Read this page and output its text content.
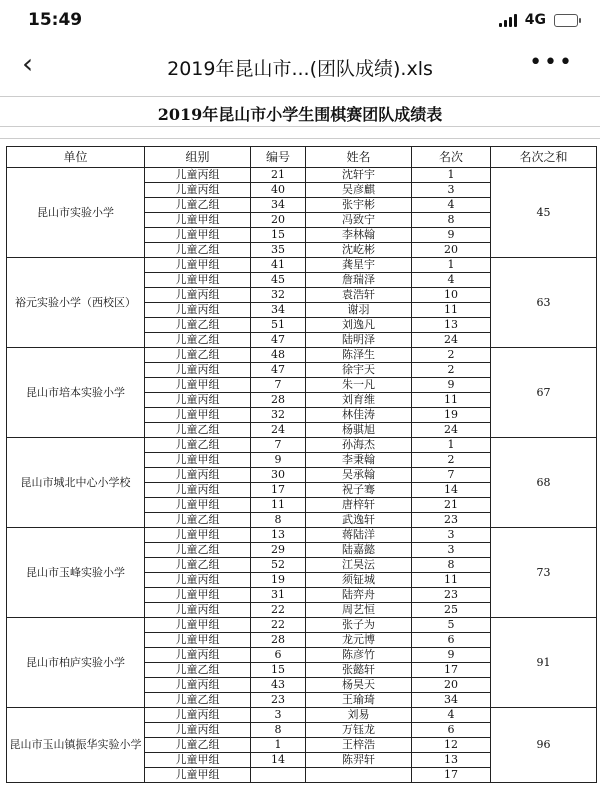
15:49	4G
‹	2019年昆山市...(团队成绩).xls	•••
2019年昆山市小学生围棋赛团队成绩表
单位	组别	编号	姓名	名次	名次之和
昆山市实验小学	儿童丙组	21	沈轩宇	1	45
	儿童丙组	40	吴彦麒	3	
	儿童乙组	34	张宇彬	4	
	儿童甲组	20	冯致宁	8	
	儿童甲组	15	李林翰	9	
	儿童乙组	35	沈屹彬	20	
裕元实验小学（西校区）	儿童甲组	41	龚星宇	1	63
	儿童甲组	45	詹瑞泽	4	
	儿童丙组	32	袁浩轩	10	
	儿童丙组	34	谢羽	11	
	儿童乙组	51	刘逸凡	13	
	儿童乙组	47	陆明泽	24	
昆山市培本实验小学	儿童乙组	48	陈泽生	2	67
	儿童丙组	47	徐宇天	2	
	儿童甲组	7	朱一凡	9	
	儿童丙组	28	刘育维	11	
	儿童甲组	32	林佳涛	19	
	儿童乙组	24	杨骐旭	24	
昆山市城北中心小学校	儿童乙组	7	孙海杰	1	68
	儿童甲组	9	李秉翰	2	
	儿童丙组	30	吴承翰	7	
	儿童丙组	17	祝子骞	14	
	儿童甲组	11	唐梓轩	21	
	儿童乙组	8	武逸轩	23	
昆山市玉峰实验小学	儿童甲组	13	蒋陆洋	3	73
	儿童乙组	29	陆嘉懿	3	
	儿童乙组	52	江昊沄	8	
	儿童丙组	19	须钲城	11	
	儿童甲组	31	陆弈舟	23	
	儿童丙组	22	周艺恒	25	
昆山市柏庐实验小学	儿童甲组	22	张子为	5	91
	儿童甲组	28	龙元博	6	
	儿童丙组	6	陈彦竹	9	
	儿童乙组	15	张懿轩	17	
	儿童丙组	43	杨昊天	20	
	儿童乙组	23	王瑜琦	34	
昆山市玉山镇振华实验小学	儿童丙组	3	刘易	4	96
	儿童丙组	8	万钰龙	6	
	儿童乙组	1	王梓浩	12	
	儿童甲组	14	陈羿轩	13	
	儿童甲组			17	
